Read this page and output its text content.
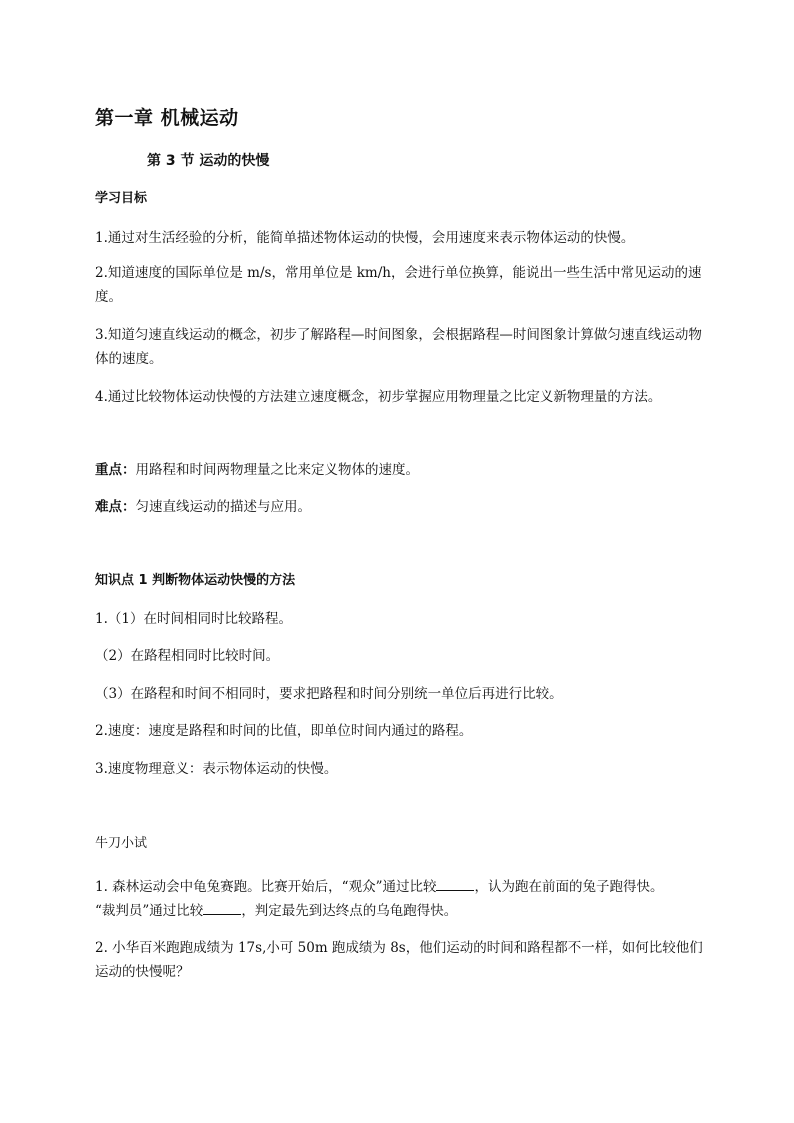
第一章 机械运动
第 3 节 运动的快慢
学习目标
1.通过对生活经验的分析，能简单描述物体运动的快慢，会用速度来表示物体运动的快慢。
2.知道速度的国际单位是 m/s，常用单位是 km/h，会进行单位换算，能说出一些生活中常见运动的速度。
3.知道匀速直线运动的概念，初步了解路程—时间图象，会根据路程—时间图象计算做匀速直线运动物体的速度。
4.通过比较物体运动快慢的方法建立速度概念，初步掌握应用物理量之比定义新物理量的方法。
重点：用路程和时间两物理量之比来定义物体的速度。
难点：匀速直线运动的描述与应用。
知识点 1 判断物体运动快慢的方法
1.（1）在时间相同时比较路程。
（2）在路程相同时比较时间。
（3）在路程和时间不相同时，要求把路程和时间分别统一单位后再进行比较。
2.速度：速度是路程和时间的比值，即单位时间内通过的路程。
3.速度物理意义：表示物体运动的快慢。
牛刀小试
1. 森林运动会中龟兔赛跑。比赛开始后，“观众”通过比较	，认为跑在前面的兔子跑得快。
“裁判员”通过比较	，判定最先到达终点的乌龟跑得快。
2. 小华百米跑跑成绩为 17s,小可 50m 跑成绩为 8s，他们运动的时间和路程都不一样，如何比较他们运动的快慢呢？
